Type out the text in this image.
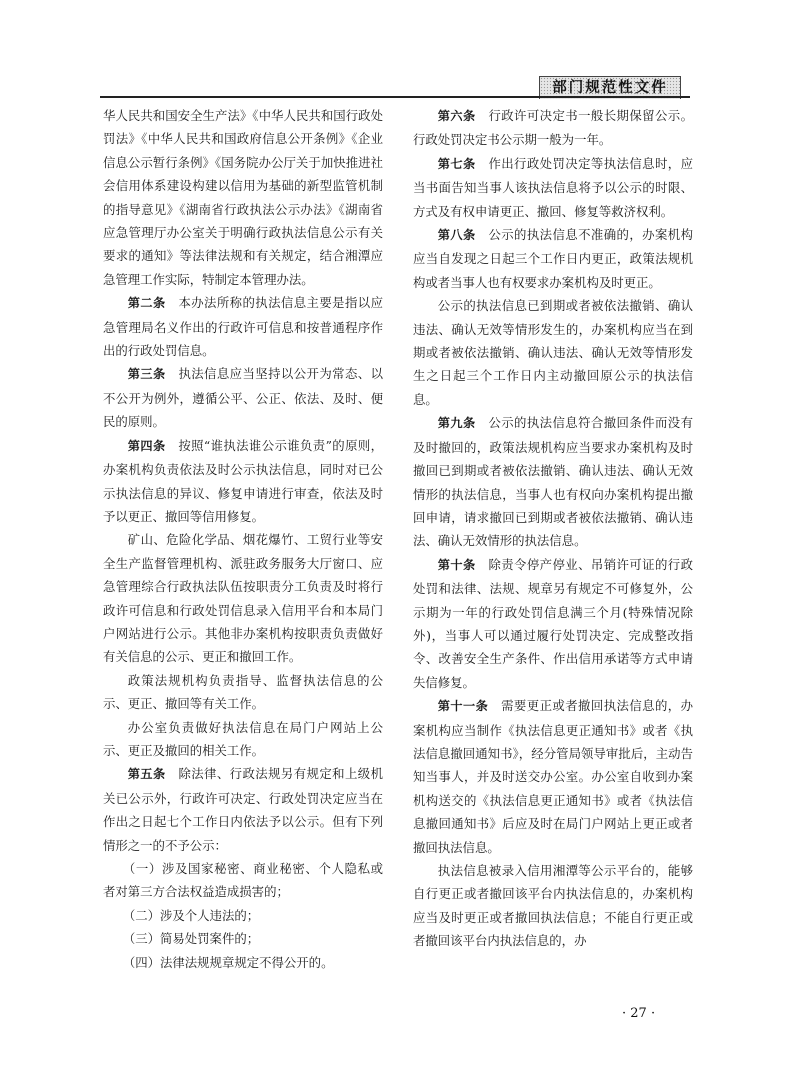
部门规范性文件

华人民共和国安全生产法》《中华人民共和国行政处罚法》《中华人民共和国政府信息公开条例》《企业信息公示暂行条例》《国务院办公厅关于加快推进社会信用体系建设构建以信用为基础的新型监管机制的指导意见》《湖南省行政执法公示办法》《湖南省应急管理厅办公室关于明确行政执法信息公示有关要求的通知》等法律法规和有关规定，结合湘潭应急管理工作实际，特制定本管理办法。

第二条　 本办法所称的执法信息主要是指以应急管理局名义作出的行政许可信息和按普通程序作出的行政处罚信息。

第三条　 执法信息应当坚持以公开为常态、以不公开为例外，遵循公平、公正、依法、及时、便民的原则。

第四条　 按照“谁执法谁公示谁负责”的原则，办案机构负责依法及时公示执法信息，同时对已公示执法信息的异议、修复申请进行审查，依法及时予以更正、撤回等信用修复。

矿山、危险化学品、烟花爆竹、工贸行业等安全生产监督管理机构、派驻政务服务大厅窗口、应急管理综合行政执法队伍按职责分工负责及时将行政许可信息和行政处罚信息录入信用平台和本局门户网站进行公示。其他非办案机构按职责负责做好有关信息的公示、更正和撤回工作。

政策法规机构负责指导、监督执法信息的公示、更正、撤回等有关工作。

办公室负责做好执法信息在局门户网站上公示、更正及撤回的相关工作。

第五条　 除法律、行政法规另有规定和上级机关已公示外，行政许可决定、行政处罚决定应当在作出之日起七个工作日内依法予以公示。但有下列情形之一的不予公示：

（一）涉及国家秘密、商业秘密、个人隐私或者对第三方合法权益造成损害的；

（二）涉及个人违法的；

（三）简易处罚案件的；

（四）法律法规规章规定不得公开的。

第六条　 行政许可决定书一般长期保留公示。行政处罚决定书公示期一般为一年。

第七条　 作出行政处罚决定等执法信息时，应当书面告知当事人该执法信息将予以公示的时限、方式及有权申请更正、撤回、修复等救济权利。

第八条　 公示的执法信息不准确的，办案机构应当自发现之日起三个工作日内更正，政策法规机构或者当事人也有权要求办案机构及时更正。

公示的执法信息已到期或者被依法撤销、确认违法、确认无效等情形发生的，办案机构应当在到期或者被依法撤销、确认违法、确认无效等情形发生之日起三个工作日内主动撤回原公示的执法信息。

第九条　 公示的执法信息符合撤回条件而没有及时撤回的，政策法规机构应当要求办案机构及时撤回已到期或者被依法撤销、确认违法、确认无效情形的执法信息，当事人也有权向办案机构提出撤回申请，请求撤回已到期或者被依法撤销、确认违法、确认无效情形的执法信息。

第十条　 除责令停产停业、吊销许可证的行政处罚和法律、法规、规章另有规定不可修复外，公示期为一年的行政处罚信息满三个月(特殊情况除外)，当事人可以通过履行处罚决定、完成整改指令、改善安全生产条件、作出信用承诺等方式申请失信修复。

第十一条　 需要更正或者撤回执法信息的，办案机构应当制作《执法信息更正通知书》或者《执法信息撤回通知书》，经分管局领导审批后，主动告知当事人，并及时送交办公室。办公室自收到办案机构送交的《执法信息更正通知书》或者《执法信息撤回通知书》后应及时在局门户网站上更正或者撤回执法信息。

执法信息被录入信用湘潭等公示平台的，能够自行更正或者撤回该平台内执法信息的，办案机构应当及时更正或者撤回执法信息；不能自行更正或者撤回该平台内执法信息的，办

· 27 ·
